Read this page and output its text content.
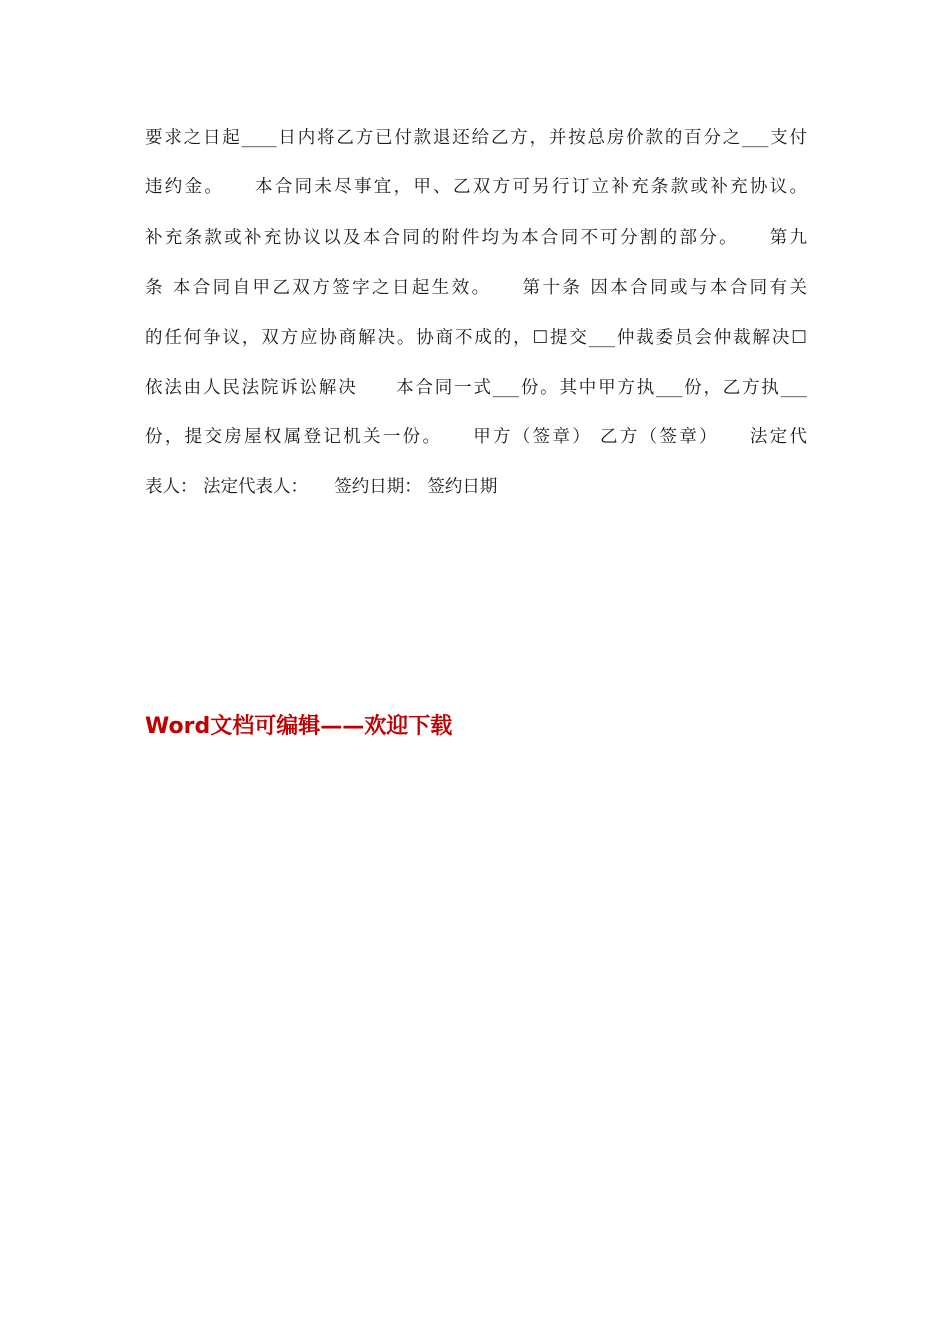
要求之日起____日内将乙方已付款退还给乙方，并按总房价款的百分之___支付
违约金。　　本合同未尽事宜，甲、乙双方可另行订立补充条款或补充协议。
补充条款或补充协议以及本合同的附件均为本合同不可分割的部分。　　第九
条 本合同自甲乙双方签字之日起生效。　　第十条 因本合同或与本合同有关
的任何争议，双方应协商解决。协商不成的，☐提交___仲裁委员会仲裁解决☐
依法由人民法院诉讼解决　　本合同一式___份。其中甲方执___份，乙方执___
份，提交房屋权属登记机关一份。　　甲方（签章） 乙方（签章）　　法定代
表人： 法定代表人：　　签约日期： 签约日期
Word文档可编辑——欢迎下载
